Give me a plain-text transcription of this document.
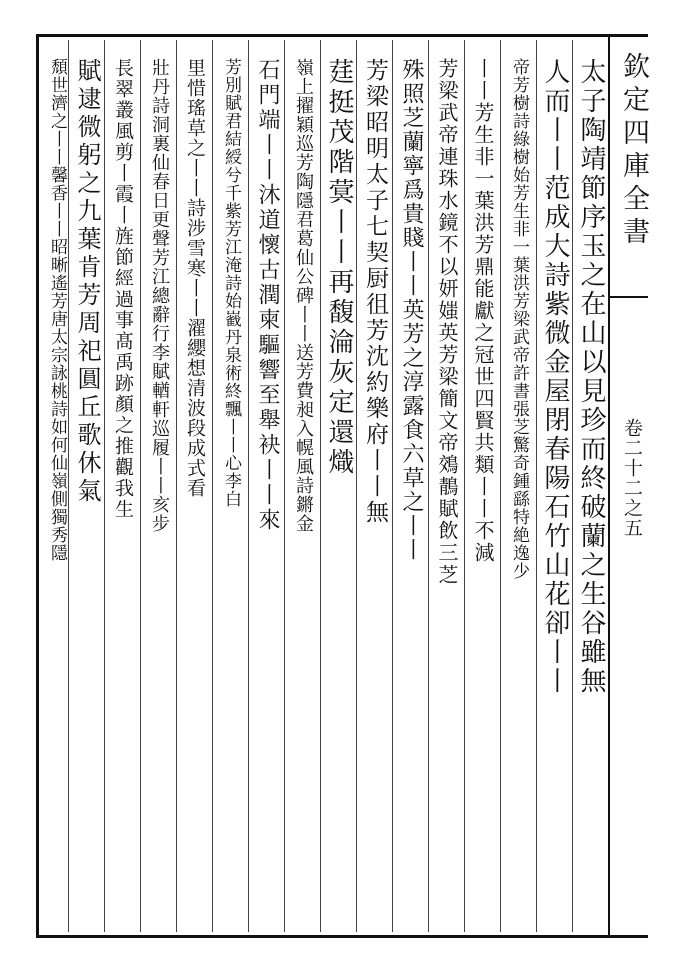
欽定四庫全書
卷二十二之五
太子陶靖節序玉之在山以見珍而終破蘭之生谷雖無
人而丨丨范成大詩紫微金屋閉春陽石竹山花卻丨丨
帝芳樹詩綠樹始芳生非一葉洪芳梁武帝許書張芝驚奇鍾繇特絶逸少
丨丨芳生非一葉洪芳鼎能獻之冠世四賢共類丨丨不減
芳梁武帝連珠水鏡不以妍媸英芳梁簡文帝鵁鶄賦飲三芝
殊照芝蘭寧爲貴賤丨丨英芳之淳露食六草之丨丨
芳梁昭明太子七契厨徂芳沈約樂府丨丨無
莛挺茂階蓂丨丨再馥淪灰定還熾
嶺上擢穎巡芳陶隱君葛仙公碑丨丨送芳費昶入幌風詩鏘金
石門端丨丨沐道懷古潤柬驅響至舉袂丨丨來
芳別賦君結綬兮千紫芳江淹詩始巀丹泉術終飄丨丨心李白
里惜瑤草之丨丨詩涉雪寒丨丨濯纓想清波段成式看
壯丹詩洞裏仙春日更聲芳江總辭行李賦輶軒巡履丨丨亥步
長翠叢風剪丨霞丨旌節經過事髙禹跡顏之推觀我生
賦逮微躬之九葉肯芳周祀圓丘歌休氣
頹世濟之丨丨馨香丨丨昭晰遙芳唐太宗詠桃詩如何仙嶺側獨秀隱
